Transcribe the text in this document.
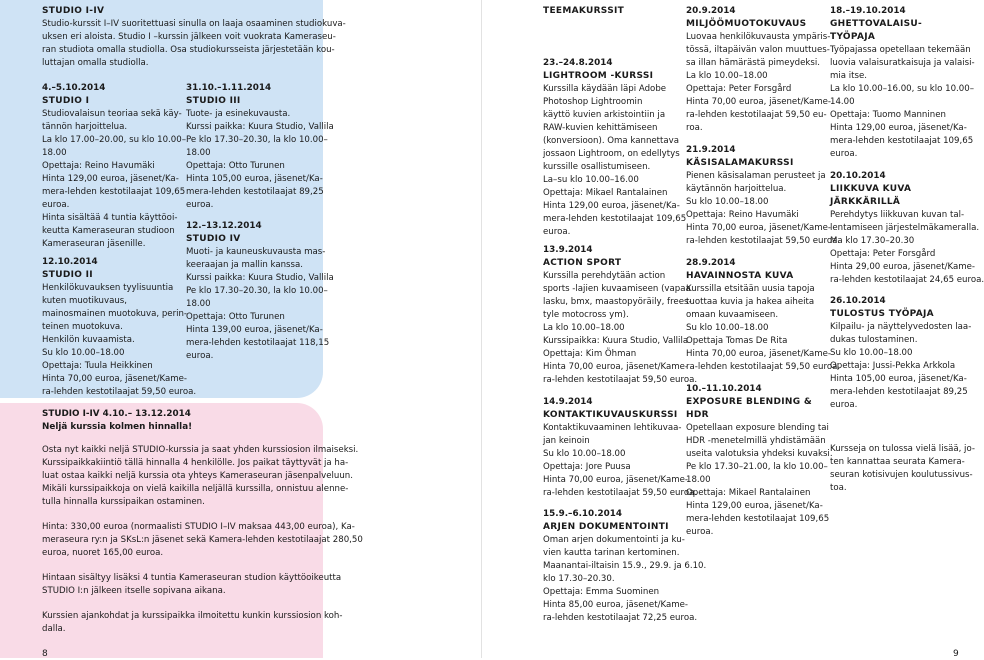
STUDIO I-IV
Studio-kurssit I–IV suoritettuasi sinulla on laaja osaaminen studiokuva-
uksen eri aloista. Studio I –kurssin jälkeen voit vuokrata Kameraseu-
ran studiota omalla studiolla. Osa studiokursseista järjestetään kou-
luttajan omalla studiolla.
4.–5.10.2014
STUDIO I
Studiovalaisun teoriaa sekä käy-
tännön harjoittelua.
La klo 17.00–20.00, su klo 10.00–
18.00
Opettaja: Reino Havumäki
Hinta 129,00 euroa, jäsenet/Ka-
mera-lehden kestotilaajat 109,65
euroa.
Hinta sisältää 4 tuntia käyttöoi-
keutta Kameraseuran studioon
Kameraseuran jäsenille.
12.10.2014
STUDIO II
Henkilökuvauksen tyylisuuntia
kuten muotikuvaus,
mainosmainen muotokuva, perin-
teinen muotokuva.
Henkilön kuvaamista.
Su klo 10.00–18.00
Opettaja: Tuula Heikkinen
Hinta 70,00 euroa, jäsenet/Kame-
ra-lehden kestotilaajat 59,50 euroa.
31.10.–1.11.2014
STUDIO III
Tuote- ja esinekuvausta.
Kurssi paikka: Kuura Studio, Vallila
Pe klo 17.30–20.30, la klo 10.00–
18.00
Opettaja: Otto Turunen
Hinta 105,00 euroa, jäsenet/Ka-
mera-lehden kestotilaajat 89,25
euroa.
12.–13.12.2014
STUDIO IV
Muoti- ja kauneuskuvausta mas-
keeraajan ja mallin kanssa.
Kurssi paikka: Kuura Studio, Vallila
Pe klo 17.30–20.30, la klo 10.00–
18.00
Opettaja: Otto Turunen
Hinta 139,00 euroa, jäsenet/Ka-
mera-lehden kestotilaajat 118,15
euroa.
STUDIO I-IV 4.10.– 13.12.2014
Neljä kurssia kolmen hinnalla!
Osta nyt kaikki neljä STUDIO-kurssia ja saat yhden kurssiosion ilmaiseksi.
Kurssipaikkakiintiö tällä hinnalla 4 henkilölle. Jos paikat täyttyvät ja ha-
luat ostaa kaikki neljä kurssia ota yhteys Kameraseuran jäsenpalveluun.
Mikäli kurssipaikkoja on vielä kaikilla neljällä kurssilla, onnistuu alenne-
tulla hinnalla kurssipaikan ostaminen.
Hinta: 330,00 euroa (normaalisti STUDIO I–IV maksaa 443,00 euroa), Ka-
meraseura ry:n ja SKsL:n jäsenet sekä Kamera-lehden kestotilaajat 280,50
euroa, nuoret 165,00 euroa.
Hintaan sisältyy lisäksi 4 tuntia Kameraseuran studion käyttöoikeutta
STUDIO I:n jälkeen itselle sopivana aikana.
Kurssien ajankohdat ja kurssipaikka ilmoitettu kunkin kurssiosion koh-
dalla.
8
TEEMAKURSSIT
23.–24.8.2014
LIGHTROOM -KURSSI
Kurssilla käydään läpi Adobe
Photoshop Lightroomin
käyttö kuvien arkistointiin ja
RAW-kuvien kehittämiseen
(konversioon). Oma kannettava
jossaon Lightroom, on edellytys
kurssille osallistumiseen.
La–su klo 10.00–16.00
Opettaja: Mikael Rantalainen
Hinta 129,00 euroa, jäsenet/Ka-
mera-lehden kestotilaajat 109,65
euroa.
13.9.2014
ACTION SPORT
Kurssilla perehdytään action
sports -lajien kuvaamiseen (vapaa
lasku, bmx, maastopyöräily, frees-
tyle motocross ym).
La klo 10.00–18.00
Kurssipaikka: Kuura Studio, Vallila
Opettaja: Kim Öhman
Hinta 70,00 euroa, jäsenet/Kame-
ra-lehden kestotilaajat 59,50 euroa.
14.9.2014
KONTAKTIKUVAUSKURSSI
Kontaktikuvaaminen lehtikuvaa-
jan keinoin
Su klo 10.00–18.00
Opettaja: Jore Puusa
Hinta 70,00 euroa, jäsenet/Kame-
ra-lehden kestotilaajat 59,50 euroa.
15.9.–6.10.2014
ARJEN DOKUMENTOINTI
Oman arjen dokumentointi ja ku-
vien kautta tarinan kertominen.
Maanantai-iltaisin 15.9., 29.9. ja 6.10.
klo 17.30–20.30.
Opettaja: Emma Suominen
Hinta 85,00 euroa, jäsenet/Kame-
ra-lehden kestotilaajat 72,25 euroa.
20.9.2014
MILJÖÖMUOTOKUVAUS
Luovaa henkilökuvausta ympäris-
tössä, iltapäivän valon muuttues-
sa illan hämärästä pimeydeksi.
La klo 10.00–18.00
Opettaja: Peter Forsgård
Hinta 70,00 euroa, jäsenet/Kame-
ra-lehden kestotilaajat 59,50 eu-
roa.
21.9.2014
KÄSISALAMAKURSSI
Pienen käsisalaman perusteet ja
käytännön harjoittelua.
Su klo 10.00–18.00
Opettaja: Reino Havumäki
Hinta 70,00 euroa, jäsenet/Kame-
ra-lehden kestotilaajat 59,50 euroa.
28.9.2014
HAVAINNOSTA KUVA
Kurssilla etsitään uusia tapoja
tuottaa kuvia ja hakea aiheita
omaan kuvaamiseen.
Su klo 10.00–18.00
Opettaja Tomas De Rita
Hinta 70,00 euroa, jäsenet/Kame-
ra-lehden kestotilaajat 59,50 euroa.
10.–11.10.2014
EXPOSURE BLENDING &
HDR
Opetellaan exposure blending tai
HDR -menetelmillä yhdistämään
useita valotuksia yhdeksi kuvaksi.
Pe klo 17.30–21.00, la klo 10.00–
18.00
Opettaja: Mikael Rantalainen
Hinta 129,00 euroa, jäsenet/Ka-
mera-lehden kestotilaajat 109,65
euroa.
18.–19.10.2014
GHETTOVALAISU-
TYÖPAJA
Työpajassa opetellaan tekemään
luovia valaisuratkaisuja ja valaisi-
mia itse.
La klo 10.00–16.00, su klo 10.00–
14.00
Opettaja: Tuomo Manninen
Hinta 129,00 euroa, jäsenet/Ka-
mera-lehden kestotilaajat 109,65
euroa.
20.10.2014
LIIKKUVA KUVA
JÄRKKÄRILLÄ
Perehdytys liikkuvan kuvan tal-
lentamiseen järjestelmäkameralla.
Ma klo 17.30–20.30
Opettaja: Peter Forsgård
Hinta 29,00 euroa, jäsenet/Kame-
ra-lehden kestotilaajat 24,65 euroa.
26.10.2014
TULOSTUS TYÖPAJA
Kilpailu- ja näyttelyvedosten laa-
dukas tulostaminen.
Su klo 10.00–18.00
Opettaja: Jussi-Pekka Arkkola
Hinta 105,00 euroa, jäsenet/Ka-
mera-lehden kestotilaajat 89,25
euroa.
Kursseja on tulossa vielä lisää, jo-
ten kannattaa seurata Kamera-
seuran kotisivujen koulutussivus-
toa.
9
